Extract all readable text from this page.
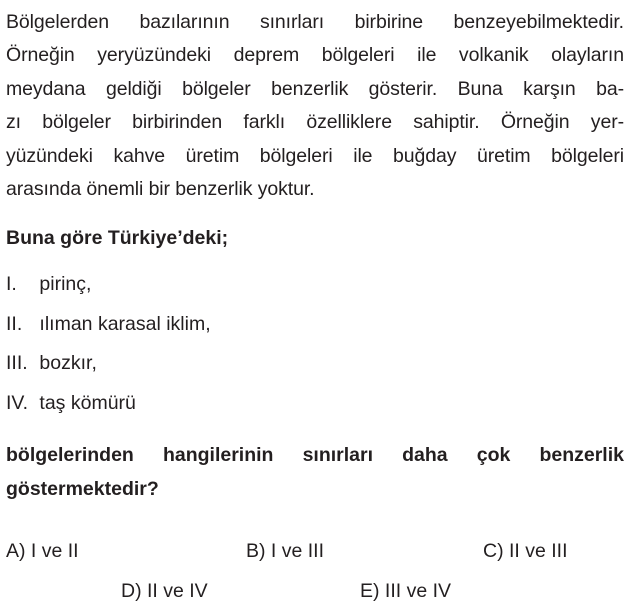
Bölgelerden bazılarının sınırları birbirine benzeyebilmektedir.
Örneğin yeryüzündeki deprem bölgeleri ile volkanik olayların
meydana geldiği bölgeler benzerlik gösterir. Buna karşın ba-
zı bölgeler birbirinden farklı özelliklere sahiptir. Örneğin yer-
yüzündeki kahve üretim bölgeleri ile buğday üretim bölgeleri
arasında önemli bir benzerlik yoktur.

Buna göre Türkiye’deki;
I. pirinç,
II. ılıman karasal iklim,
III. bozkır,
IV. taş kömürü
bölgelerinden hangilerinin sınırları daha çok benzerlik
göstermektedir?
A) I ve II	B) I ve III	C) II ve III
D) II ve IV	E) III ve IV
